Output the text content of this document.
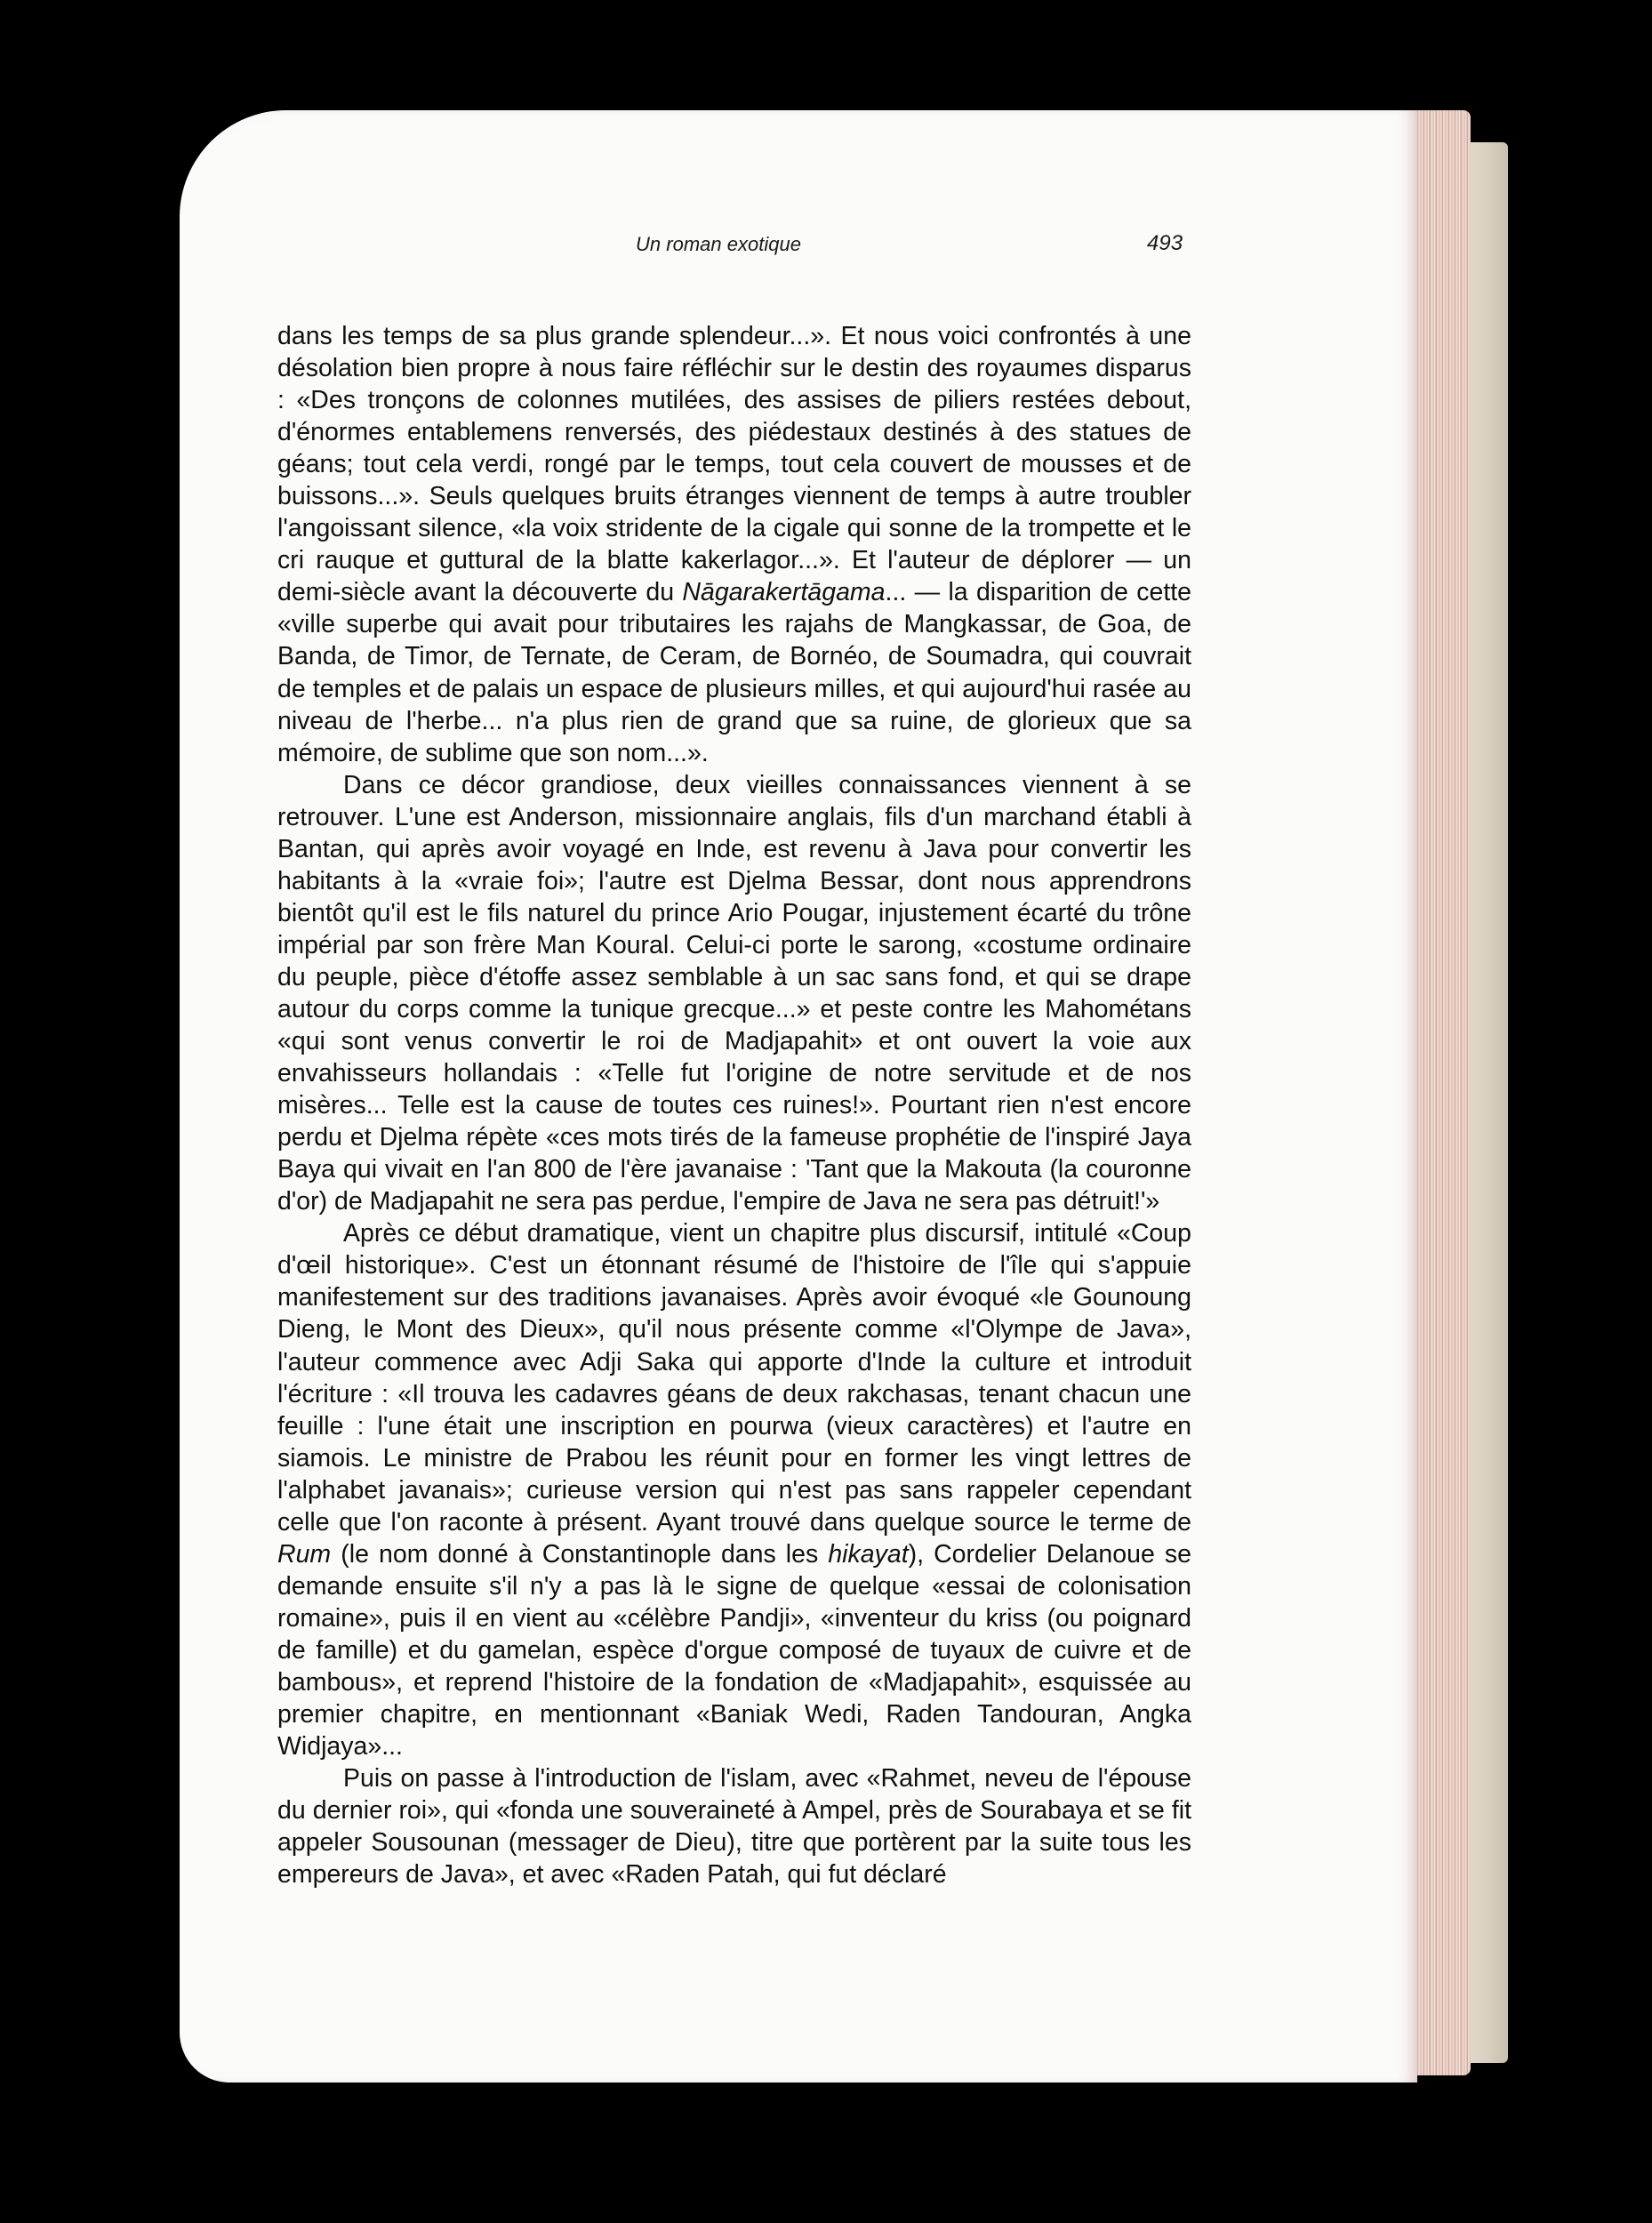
Un roman exotique	493

dans les temps de sa plus grande splendeur...». Et nous voici confrontés à une désolation bien propre à nous faire réfléchir sur le destin des royaumes disparus : «Des tronçons de colonnes mutilées, des assises de piliers restées debout, d'énormes entablemens renversés, des piédestaux destinés à des statues de géans; tout cela verdi, rongé par le temps, tout cela couvert de mousses et de buissons...». Seuls quelques bruits étranges viennent de temps à autre troubler l'angoissant silence, «la voix stridente de la cigale qui sonne de la trompette et le cri rauque et guttural de la blatte kakerlagor...». Et l'auteur de déplorer — un demi-siècle avant la découverte du Nāgarakertāgama... — la disparition de cette «ville superbe qui avait pour tributaires les rajahs de Mangkassar, de Goa, de Banda, de Timor, de Ternate, de Ceram, de Bornéo, de Soumadra, qui couvrait de temples et de palais un espace de plusieurs milles, et qui aujourd'hui rasée au niveau de l'herbe... n'a plus rien de grand que sa ruine, de glorieux que sa mémoire, de sublime que son nom...».

Dans ce décor grandiose, deux vieilles connaissances viennent à se retrouver. L'une est Anderson, missionnaire anglais, fils d'un marchand établi à Bantan, qui après avoir voyagé en Inde, est revenu à Java pour convertir les habitants à la «vraie foi»; l'autre est Djelma Bessar, dont nous apprendrons bientôt qu'il est le fils naturel du prince Ario Pougar, injustement écarté du trône impérial par son frère Man Koural. Celui-ci porte le sarong, «costume ordinaire du peuple, pièce d'étoffe assez semblable à un sac sans fond, et qui se drape autour du corps comme la tunique grecque...» et peste contre les Mahométans «qui sont venus convertir le roi de Madjapahit» et ont ouvert la voie aux envahisseurs hollandais : «Telle fut l'origine de notre servitude et de nos misères... Telle est la cause de toutes ces ruines!». Pourtant rien n'est encore perdu et Djelma répète «ces mots tirés de la fameuse prophétie de l'inspiré Jaya Baya qui vivait en l'an 800 de l'ère javanaise : 'Tant que la Makouta (la couronne d'or) de Madjapahit ne sera pas perdue, l'empire de Java ne sera pas détruit!'»

Après ce début dramatique, vient un chapitre plus discursif, intitulé «Coup d'œil historique». C'est un étonnant résumé de l'histoire de l'île qui s'appuie manifestement sur des traditions javanaises. Après avoir évoqué «le Gounoung Dieng, le Mont des Dieux», qu'il nous présente comme «l'Olympe de Java», l'auteur commence avec Adji Saka qui apporte d'Inde la culture et introduit l'écriture : «Il trouva les cadavres géans de deux rakchasas, tenant chacun une feuille : l'une était une inscription en pourwa (vieux caractères) et l'autre en siamois. Le ministre de Prabou les réunit pour en former les vingt lettres de l'alphabet javanais»; curieuse version qui n'est pas sans rappeler cependant celle que l'on raconte à présent. Ayant trouvé dans quelque source le terme de Rum (le nom donné à Constantinople dans les hikayat), Cordelier Delanoue se demande ensuite s'il n'y a pas là le signe de quelque «essai de colonisation romaine», puis il en vient au «célèbre Pandji», «inventeur du kriss (ou poignard de famille) et du gamelan, espèce d'orgue composé de tuyaux de cuivre et de bambous», et reprend l'histoire de la fondation de «Madjapahit», esquissée au premier chapitre, en mentionnant «Baniak Wedi, Raden Tandouran, Angka Widjaya»...

Puis on passe à l'introduction de l'islam, avec «Rahmet, neveu de l'épouse du dernier roi», qui «fonda une souveraineté à Ampel, près de Sourabaya et se fit appeler Sousounan (messager de Dieu), titre que portèrent par la suite tous les empereurs de Java», et avec «Raden Patah, qui fut déclaré
